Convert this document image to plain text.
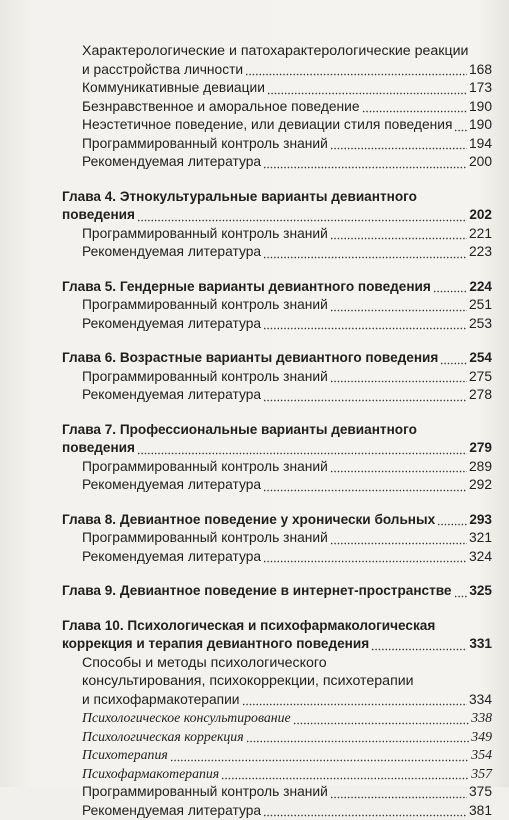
Характерологические и патохарактерологические реакции
и расстройства личности	168
Коммуникативные девиации	173
Безнравственное и аморальное поведение	190
Неэстетичное поведение, или девиации стиля поведения 190
Программированный контроль знаний	194
Рекомендуемая литература	200
Глава 4. Этнокультуральные варианты девиантного
поведения	202
Программированный контроль знаний	221
Рекомендуемая литература	223
Глава 5. Гендерные варианты девиантного поведения	224
Программированный контроль знаний	251
Рекомендуемая литература	253
Глава 6. Возрастные варианты девиантного поведения 254
Программированный контроль знаний	275
Рекомендуемая литература	278
Глава 7. Профессиональные варианты девиантного
поведения	279
Программированный контроль знаний	289
Рекомендуемая литература	292
Глава 8. Девиантное поведение у хронически больных	293
Программированный контроль знаний	321
Рекомендуемая литература	324
Глава 9. Девиантное поведение в интернет-пространстве 325
Глава 10. Психологическая и психофармакологическая
коррекция и терапия девиантного поведения	331
Способы и методы психологического
консультирования, психокоррекции, психотерапии
и психофармакотерапии	334
Психологическое консультирование	338
Психологическая коррекция	349
Психотерапия	354
Психофармакотерапия	357
Программированный контроль знаний	375
Рекомендуемая литература	381
